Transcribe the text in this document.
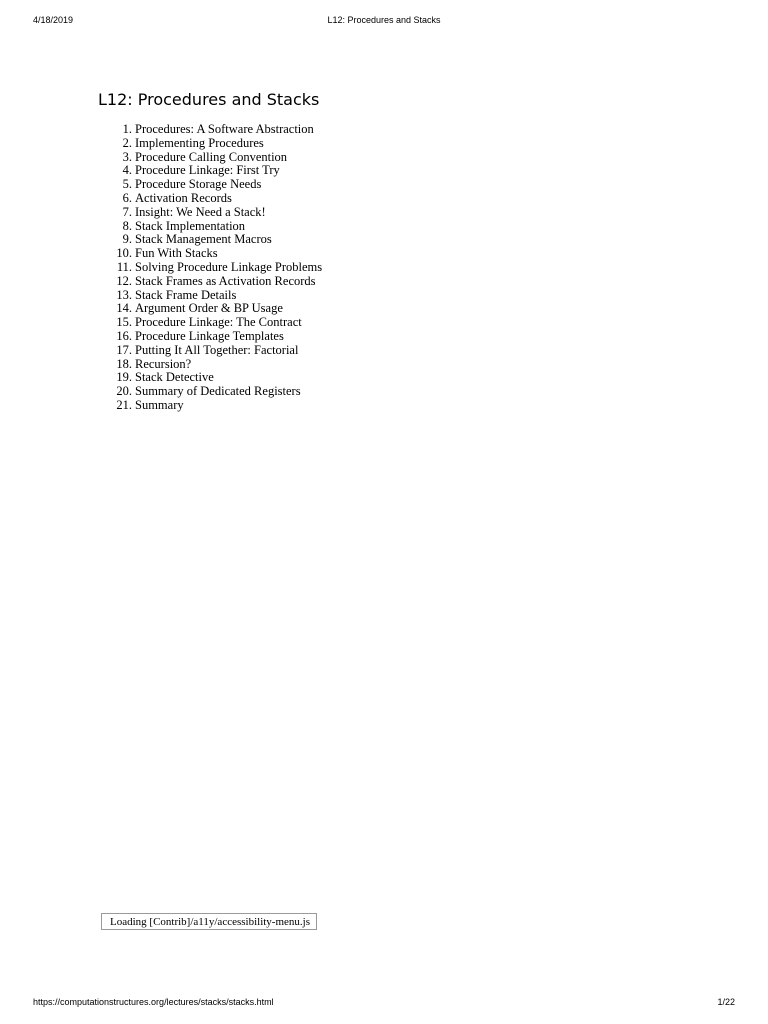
4/18/2019	L12: Procedures and Stacks
L12: Procedures and Stacks
1. Procedures: A Software Abstraction
2. Implementing Procedures
3. Procedure Calling Convention
4. Procedure Linkage: First Try
5. Procedure Storage Needs
6. Activation Records
7. Insight: We Need a Stack!
8. Stack Implementation
9. Stack Management Macros
10. Fun With Stacks
11. Solving Procedure Linkage Problems
12. Stack Frames as Activation Records
13. Stack Frame Details
14. Argument Order & BP Usage
15. Procedure Linkage: The Contract
16. Procedure Linkage Templates
17. Putting It All Together: Factorial
18. Recursion?
19. Stack Detective
20. Summary of Dedicated Registers
21. Summary
Loading [Contrib]/a11y/accessibility-menu.js
https://computationstructures.org/lectures/stacks/stacks.html	1/22
